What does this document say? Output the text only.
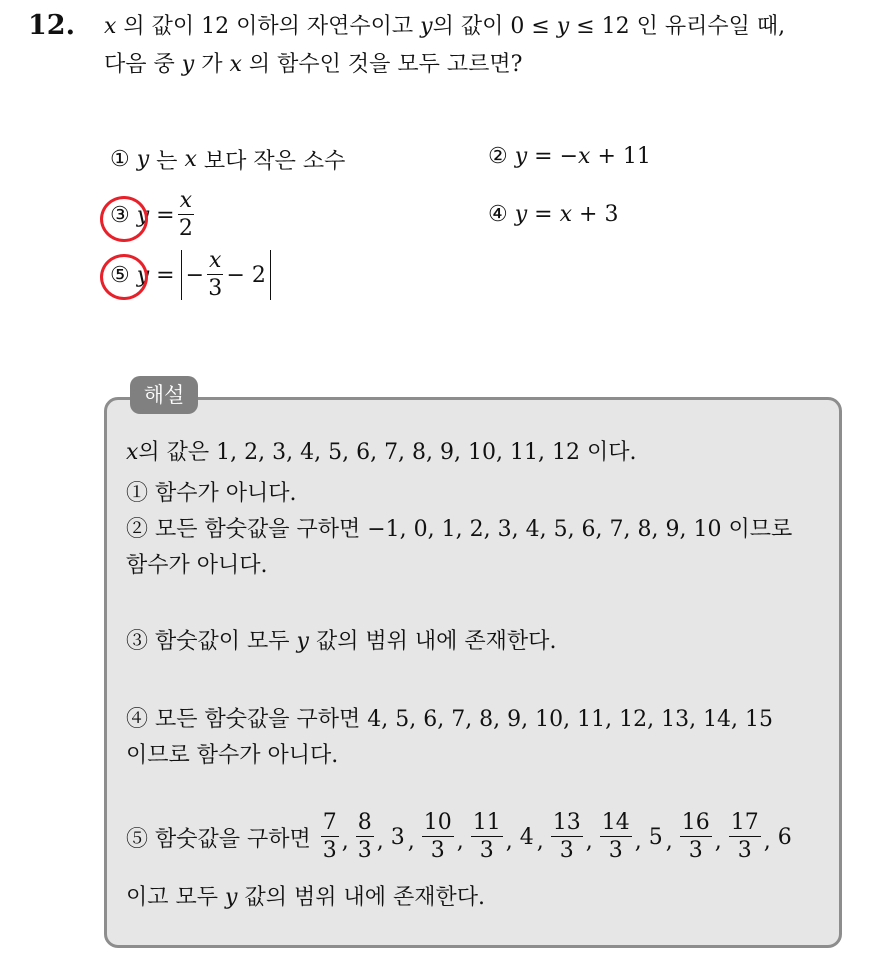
12. x 의 값이 12 이하의 자연수이고 y의 값이 0 ≤ y ≤ 12 인 유리수일 때,
다음 중 y 가 x 의 함수인 것을 모두 고르면?
①
y
는
x
보다 작은 소수	②
y
= − x
+ 11
③
y
= $\frac{x}{2}$	④
y
=
x
+ 3
⑤
y
= − $\frac{x}{3} - 2$
해설
x의 값은 1, 2, 3, 4, 5, 6, 7, 8, 9, 10, 11, 12 이다.
① 함수가 아니다.
② 모든 함숫값을 구하면 −1, 0, 1, 2, 3, 4, 5, 6, 7, 8, 9, 10 이므로
함수가 아니다.
③ 함숫값이 모두 y 값의 범위 내에 존재한다.
④ 모든 함숫값을 구하면 4, 5, 6, 7, 8, 9, 10, 11, 12, 13, 14, 15
이므로 함수가 아니다.
⑤ 함숫값을 구하면
$\frac{7}{3}$ , $\frac{8}{3}$ , 3 , $\frac{10}{3}$ , $\frac{11}{3}$ , 4 , $\frac{13}{3}$ , $\frac{14}{3}$ , 5 , $\frac{16}{3}$ , $\frac{17}{3}$ , 6
이고 모두 y 값의 범위 내에 존재한다.
